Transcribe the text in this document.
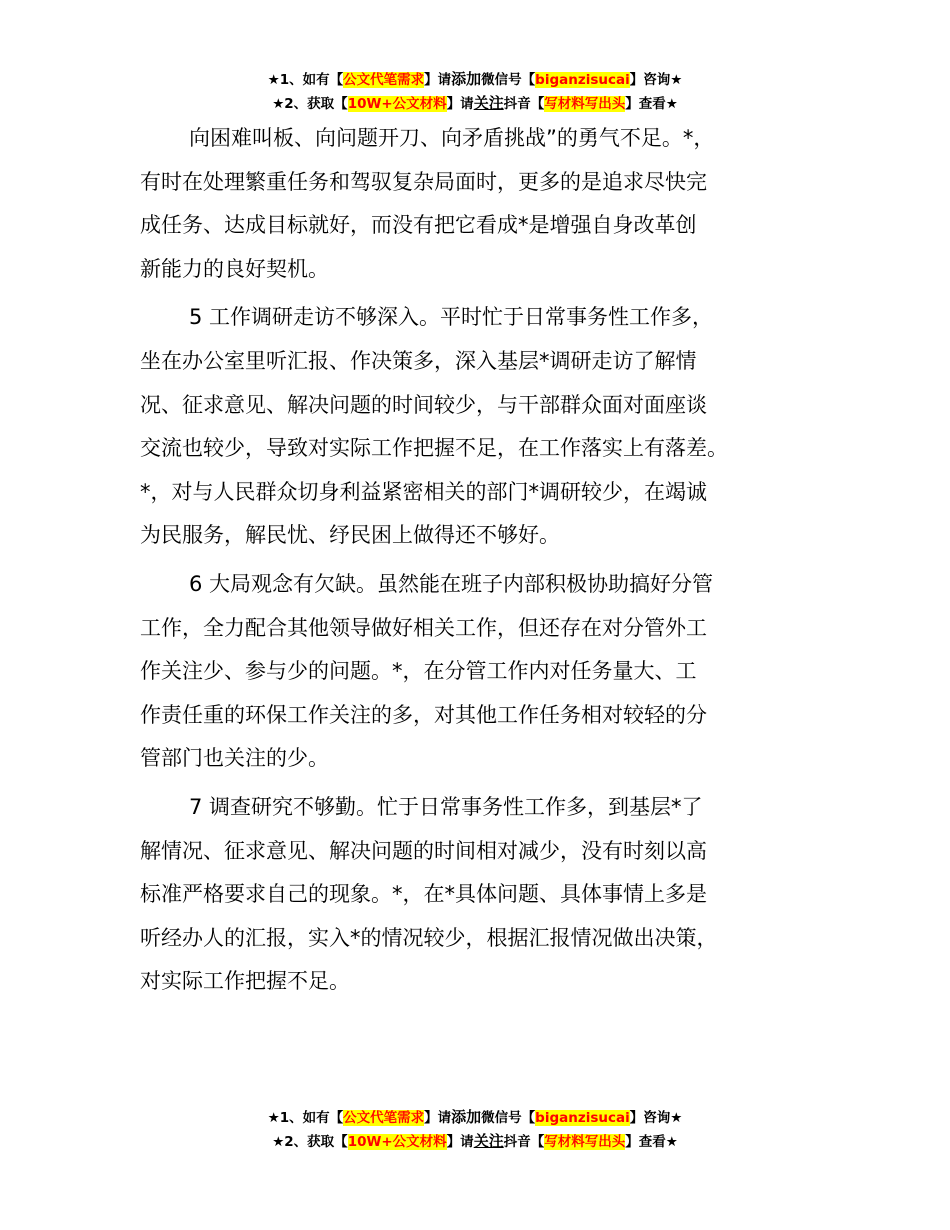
★1、如有【公文代笔需求】请添加微信号【biganzisucai】咨询★
★2、获取【10W+公文材料】请关注抖音【写材料写出头】查看★
向困难叫板、向问题开刀、向矛盾挑战”的勇气不足。*，
有时在处理繁重任务和驾驭复杂局面时，更多的是追求尽快完
成任务、达成目标就好，而没有把它看成*是增强自身改革创
新能力的良好契机。
5 工作调研走访不够深入。平时忙于日常事务性工作多，
坐在办公室里听汇报、作决策多，深入基层*调研走访了解情
况、征求意见、解决问题的时间较少，与干部群众面对面座谈
交流也较少，导致对实际工作把握不足，在工作落实上有落差。
*，对与人民群众切身利益紧密相关的部门*调研较少，在竭诚
为民服务，解民忧、纾民困上做得还不够好。
6 大局观念有欠缺。虽然能在班子内部积极协助搞好分管
工作，全力配合其他领导做好相关工作，但还存在对分管外工
作关注少、参与少的问题。*，在分管工作内对任务量大、工
作责任重的环保工作关注的多，对其他工作任务相对较轻的分
管部门也关注的少。
7 调查研究不够勤。忙于日常事务性工作多，到基层*了
解情况、征求意见、解决问题的时间相对减少，没有时刻以高
标准严格要求自己的现象。*，在*具体问题、具体事情上多是
听经办人的汇报，实入*的情况较少，根据汇报情况做出决策，
对实际工作把握不足。
★1、如有【公文代笔需求】请添加微信号【biganzisucai】咨询★
★2、获取【10W+公文材料】请关注抖音【写材料写出头】查看★
